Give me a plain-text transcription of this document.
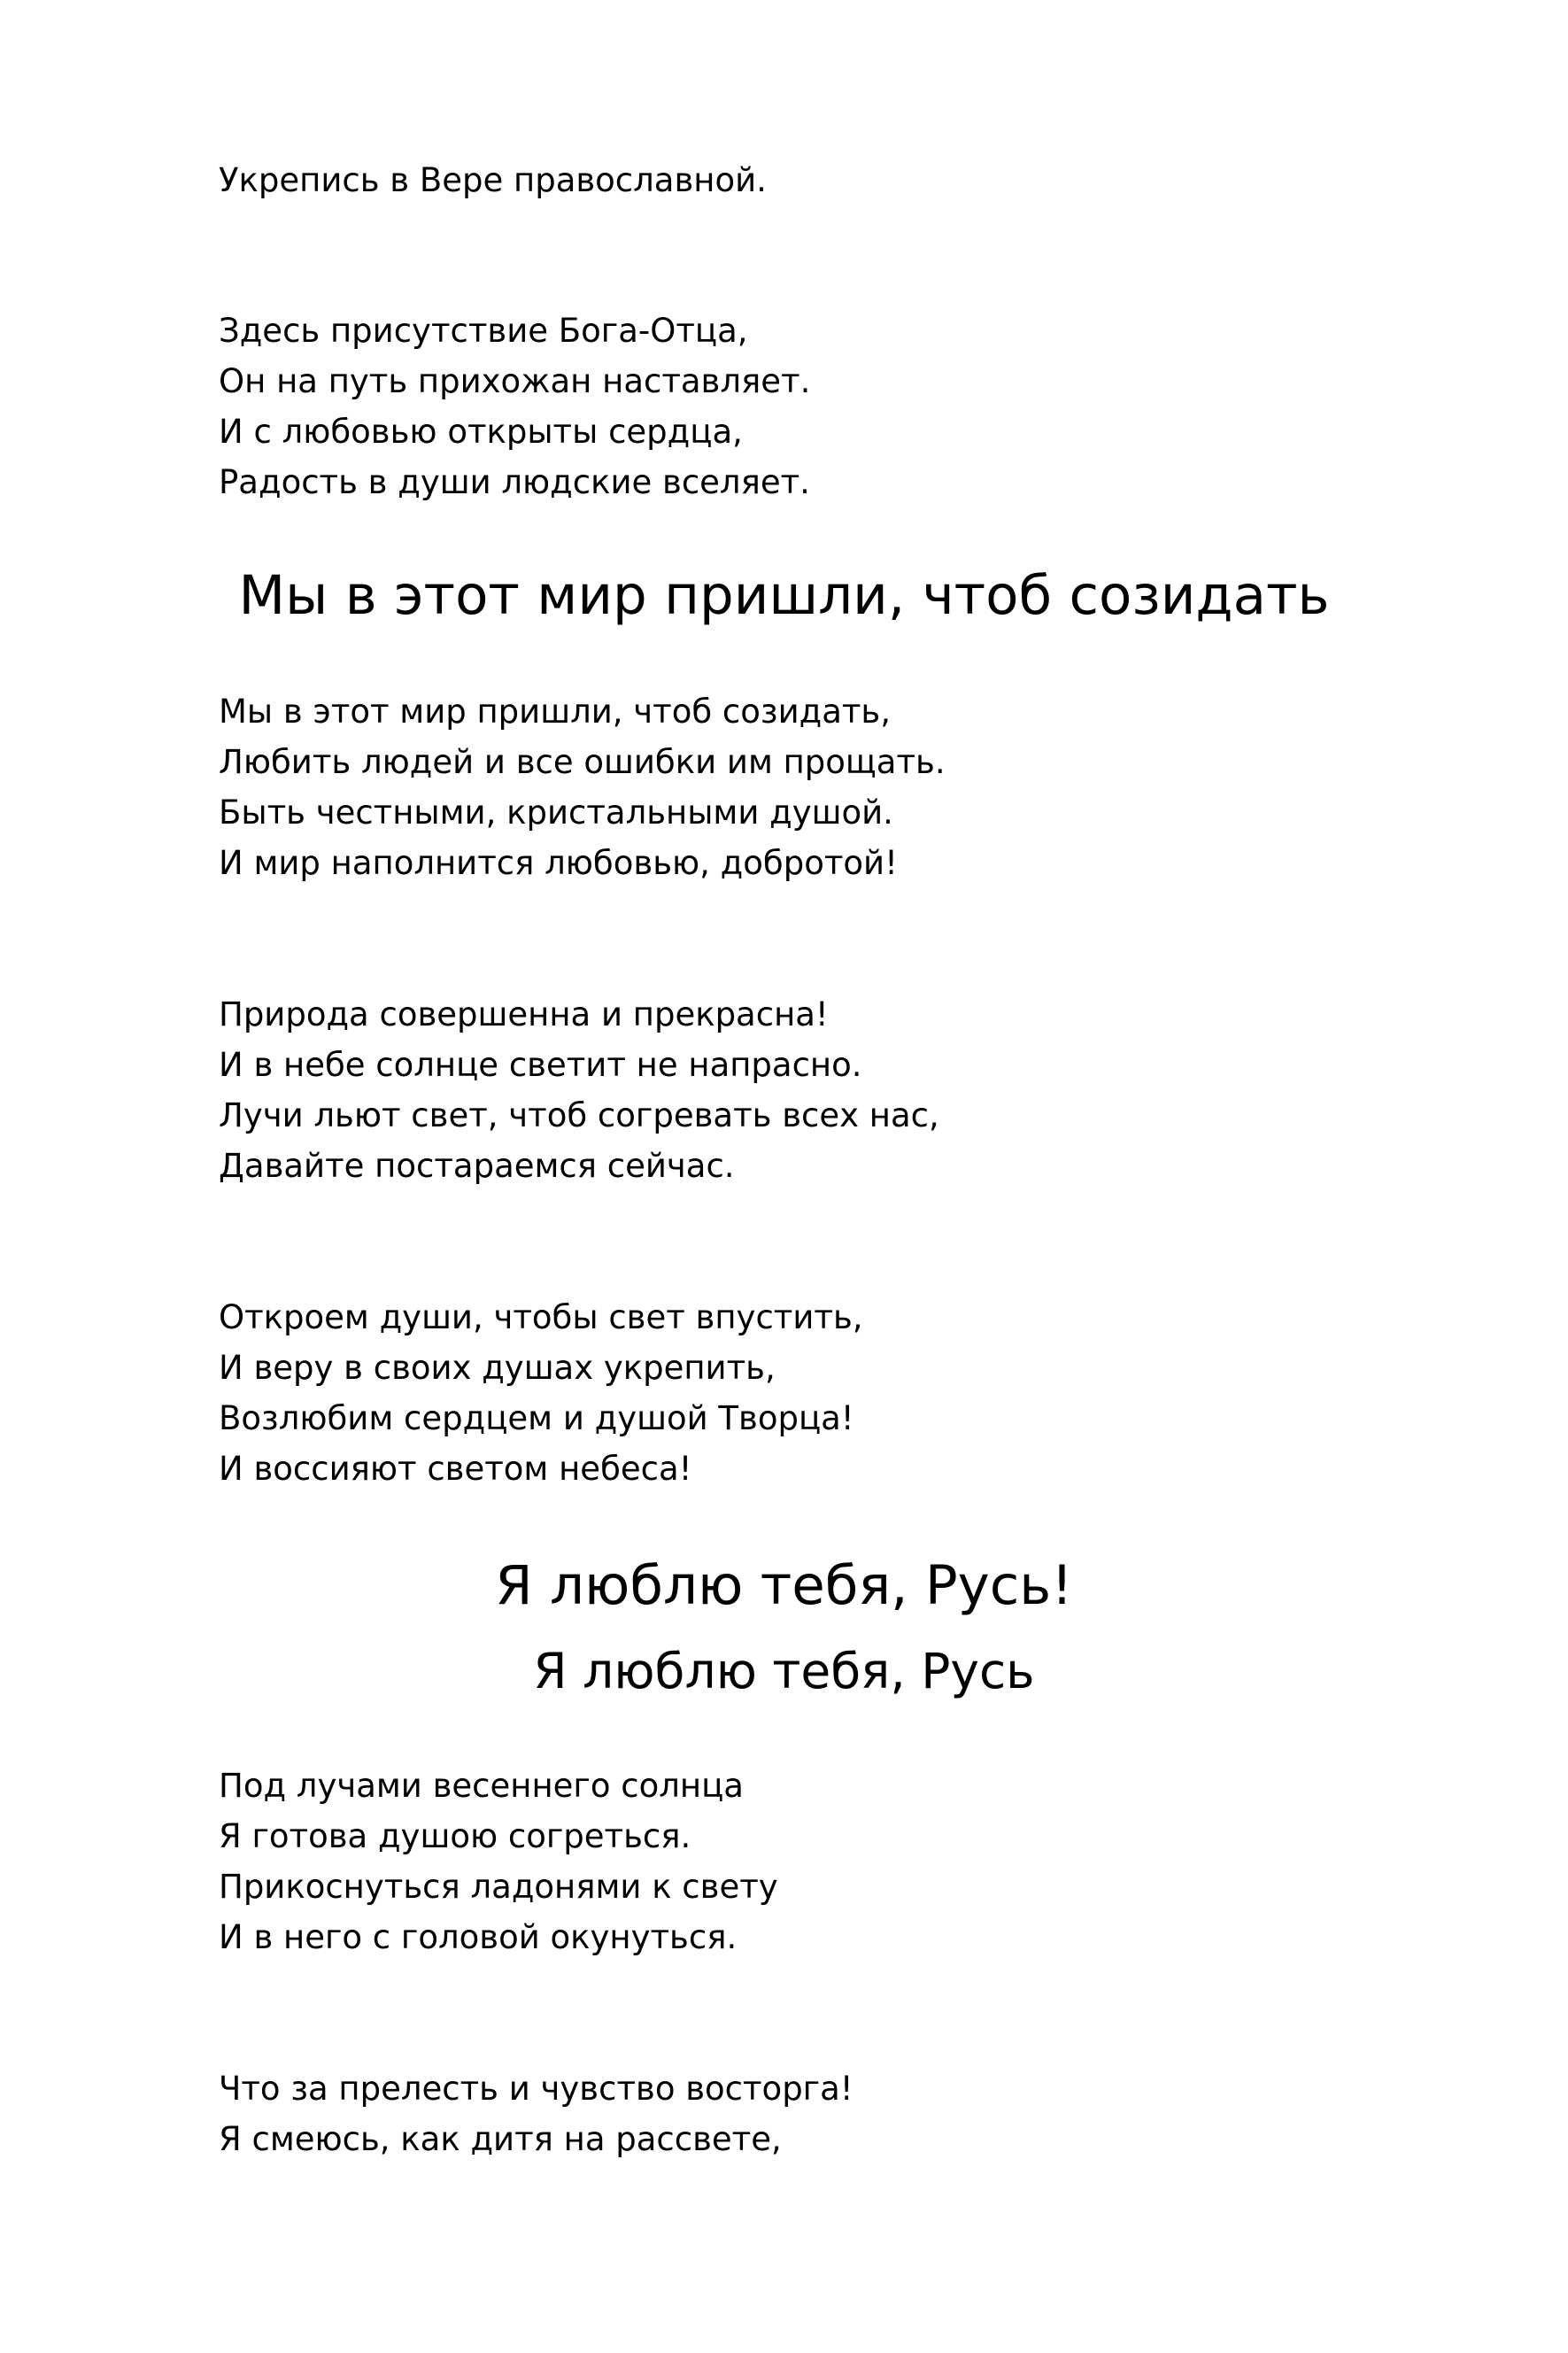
Укрепись в Вере православной.
Здесь присутствие Бога-Отца,
Он на путь прихожан наставляет.
И с любовью открыты сердца,
Радость в души людские вселяет.
Мы в этот мир пришли, чтоб созидать
Мы в этот мир пришли, чтоб созидать,
Любить людей и все ошибки им прощать.
Быть честными, кристальными душой.
И мир наполнится любовью, добротой!
Природа совершенна и прекрасна!
И в небе солнце светит не напрасно.
Лучи льют свет, чтоб согревать всех нас,
Давайте постараемся сейчас.
Откроем души, чтобы свет впустить,
И веру в своих душах укрепить,
Возлюбим сердцем и душой Творца!
И воссияют светом небеса!
Я люблю тебя, Русь!
Я люблю тебя, Русь
Под лучами весеннего солнца
Я готова душою согреться.
Прикоснуться ладонями к свету
И в него с головой окунуться.
Что за прелесть и чувство восторга!
Я смеюсь, как дитя на рассвете,
